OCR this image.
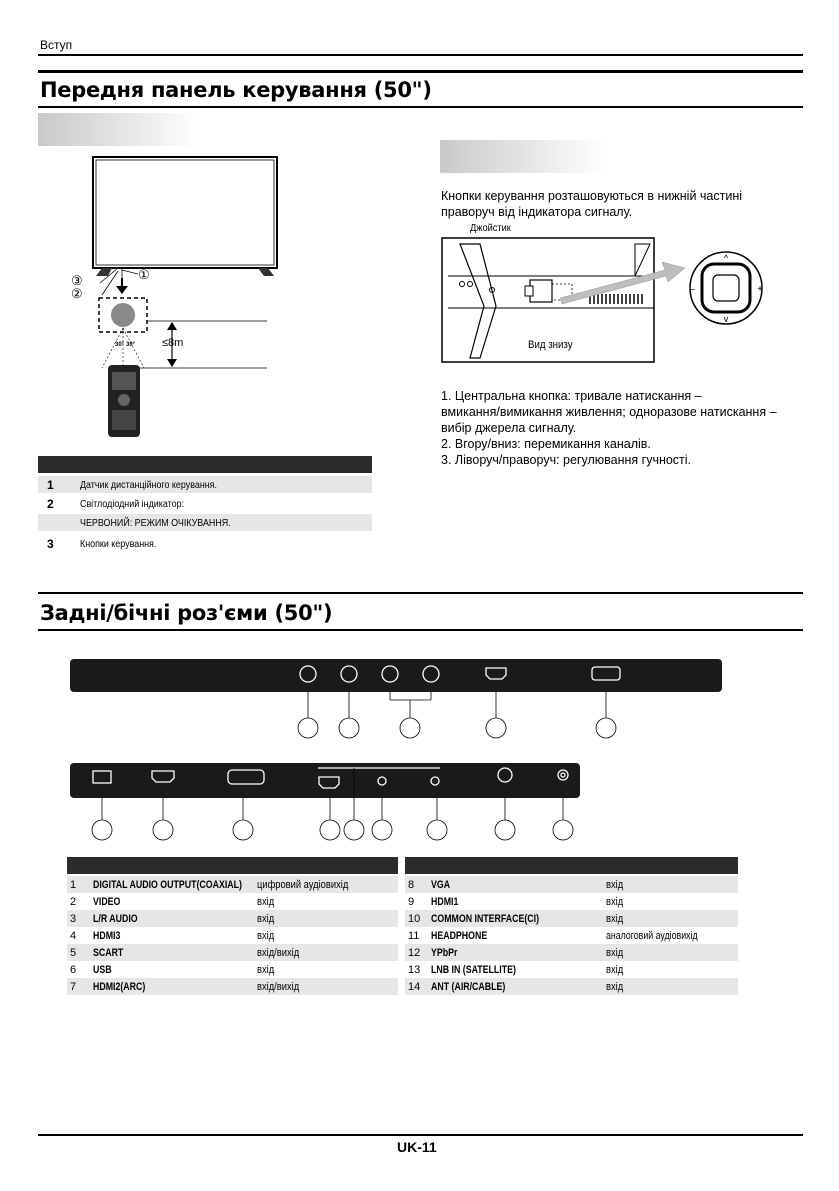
Вступ
Передня панель керування (50")
①
②
③
≤8m
30° 30°
1	Датчик дистанційного керування.
2	Світлодіодний індикатор:
ЧЕРВОНИЙ: РЕЖИМ ОЧІКУВАННЯ.
3	Кнопки керування.
Кнопки керування розташовуються в нижній частині
праворуч від індикатора сигналу.
Джойстик
^
v
–	+
Вид знизу
1. Центральна кнопка: тривале натискання –
вмикання/вимикання живлення; одноразове натискання –
вибір джерела сигналу.
2. Вгору/вниз: перемикання каналів.
3. Ліворуч/праворуч: регулювання гучності.
Задні/бічні роз'єми (50")
1	DIGITAL AUDIO OUTPUT(COAXIAL) цифровий аудіовихід
2	VIDEO	вхід
3	L/R AUDIO	вхід
4	HDMI3	вхід
5	SCART	вхід/вихід
6	USB	вхід
7	HDMI2(ARC)	вхід/вихід
8	VGA	вхід
9	HDMI1	вхід
10 COMMON INTERFACE(CI)	вхід
11	HEADPHONE	аналоговий аудіовихід
12 YPbPr	вхід
13 LNB IN (SATELLITE)	вхід
14 ANT (AIR/CABLE)	вхід
UK-11
